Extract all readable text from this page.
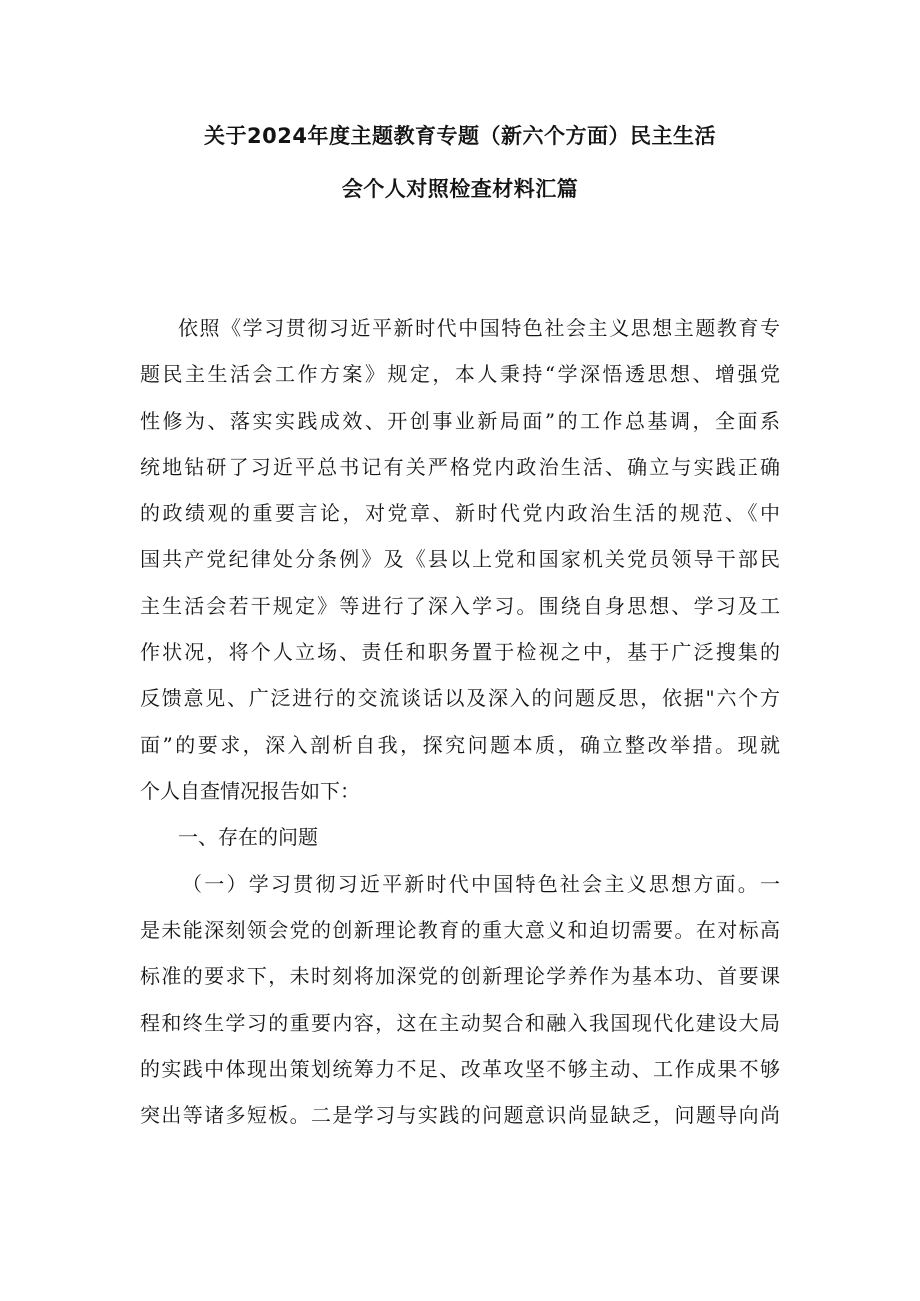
关于2024年度主题教育专题（新六个方面）民主生活
会个人对照检查材料汇篇
依照《学习贯彻习近平新时代中国特色社会主义思想主题教育专
题民主生活会工作方案》规定，本人秉持“学深悟透思想、增强党
性修为、落实实践成效、开创事业新局面”的工作总基调，全面系
统地钻研了习近平总书记有关严格党内政治生活、确立与实践正确
的政绩观的重要言论，对党章、新时代党内政治生活的规范、《中
国共产党纪律处分条例》及《县以上党和国家机关党员领导干部民
主生活会若干规定》等进行了深入学习。围绕自身思想、学习及工
作状况，将个人立场、责任和职务置于检视之中，基于广泛搜集的
反馈意见、广泛进行的交流谈话以及深入的问题反思，依据"六个方
面”的要求，深入剖析自我，探究问题本质，确立整改举措。现就
个人自查情况报告如下：
一、存在的问题
（一）学习贯彻习近平新时代中国特色社会主义思想方面。一
是未能深刻领会党的创新理论教育的重大意义和迫切需要。在对标高
标准的要求下，未时刻将加深党的创新理论学养作为基本功、首要课
程和终生学习的重要内容，这在主动契合和融入我国现代化建设大局
的实践中体现出策划统筹力不足、改革攻坚不够主动、工作成果不够
突出等诸多短板。二是学习与实践的问题意识尚显缺乏，问题导向尚
